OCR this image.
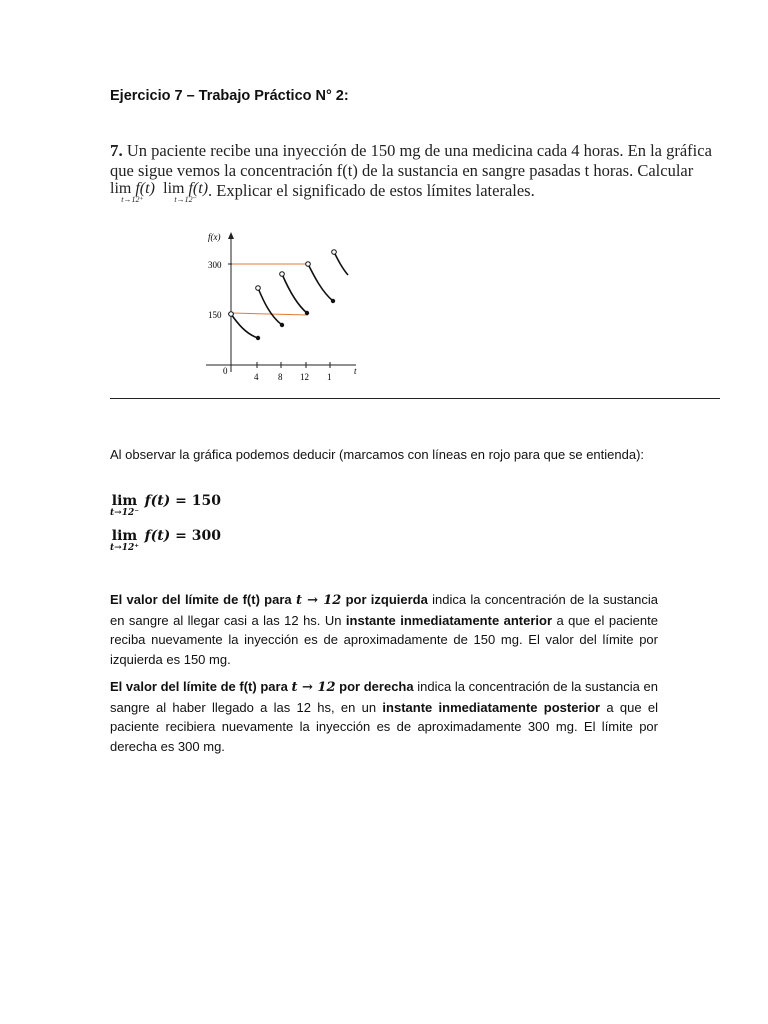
Ejercicio 7 – Trabajo Práctico N° 2:
7. Un paciente recibe una inyección de 150 mg de una medicina cada 4 horas. En la gráfica que sigue vemos la concentración f(t) de la sustancia en sangre pasadas t horas. Calcular
lim f(t)
t→12⁺
lim f(t)
t→12⁻ . Explicar el significado de estos límites laterales.
f(x)
300
150
0
4 8 12 1
t
Al observar la gráfica podemos deducir (marcamos con líneas en rojo para que se entienda):
lim
t→12⁻
f(t) = 150
lim
t→12⁺
f(t) = 300
El valor del límite de f(t) para t → 12 por izquierda indica la concentración de la sustancia en sangre al llegar casi a las 12 hs. Un instante inmediatamente anterior a que el paciente reciba nuevamente la inyección es de aproximadamente de 150 mg. El valor del límite por izquierda es 150 mg.
El valor del límite de f(t) para t → 12 por derecha indica la concentración de la sustancia en sangre al haber llegado a las 12 hs, en un instante inmediatamente posterior a que el paciente recibiera nuevamente la inyección es de aproximadamente 300 mg. El límite por derecha es 300 mg.
